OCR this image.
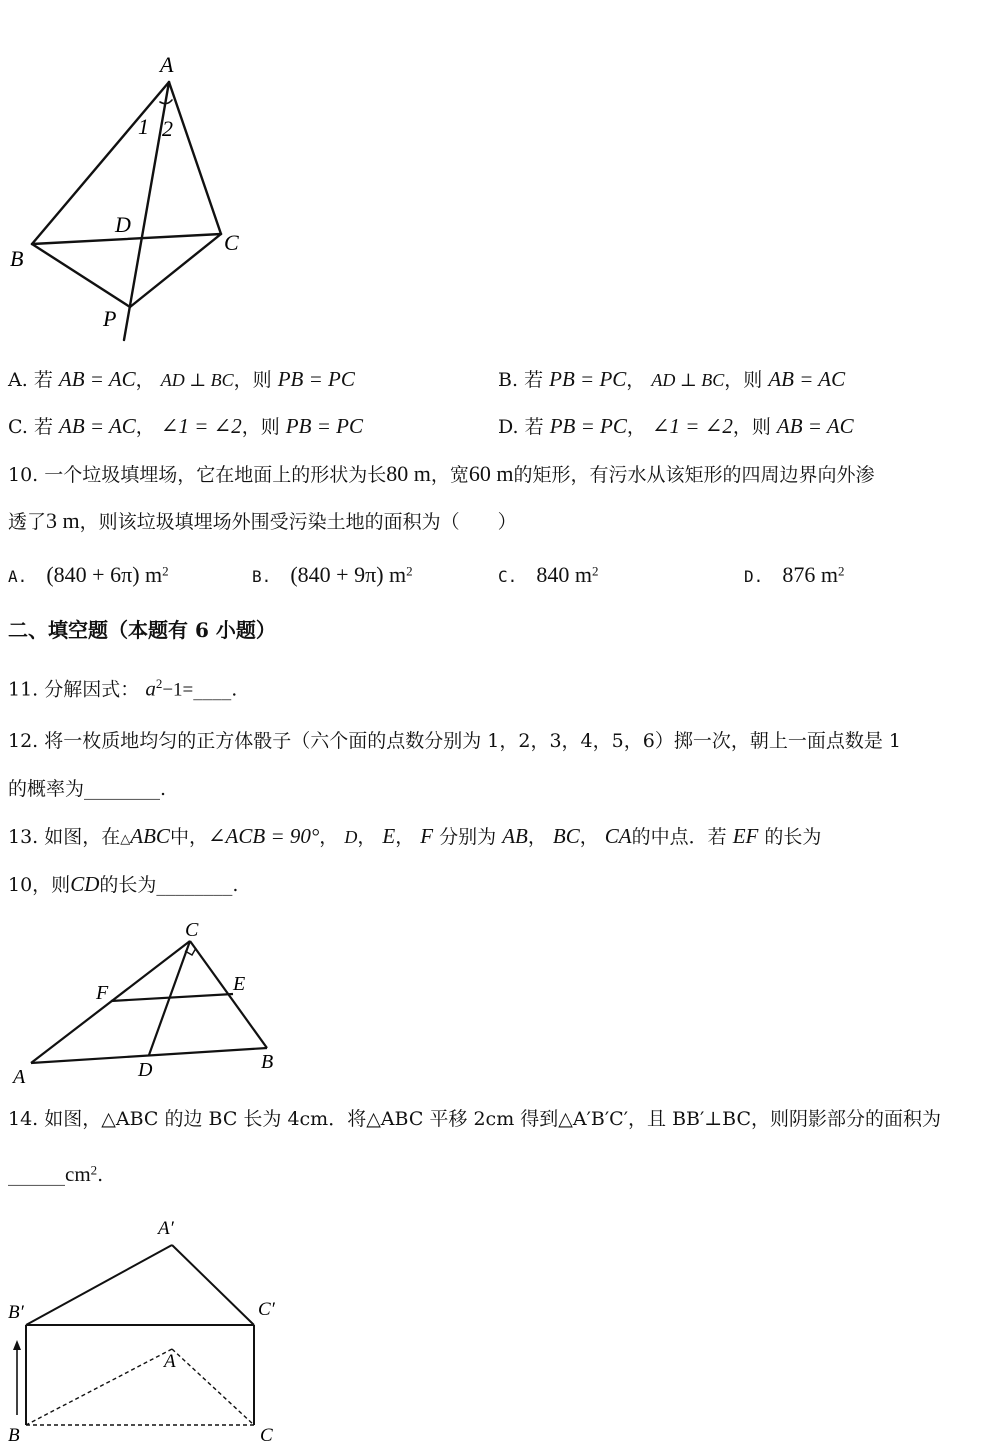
A
1 2
D
C
B
P
A. 若 AB = AC， AD ⊥ BC，则 PB = PC	B. 若 PB = PC， AD ⊥ BC，则 AB = AC
C. 若 AB = AC， ∠1 = ∠2，则 PB = PC	D. 若 PB = PC， ∠1 = ∠2，则 AB = AC
10. 一个垃圾填埋场，它在地面上的形状为长80 m，宽60 m的矩形，有污水从该矩形的四周边界向外渗
透了3 m，则该垃圾填埋场外围受污染土地的面积为（　　）
A. (840 + 6π) $m^2$	B. (840 + 9π) $m^2$	C. 840 $m^2$	D. 876 $m^2$
二、填空题（本题有 6 小题）
11. 分解因式： $a^2-1=\_\_\_\_$.
12. 将一枚质地均匀的正方体骰子（六个面的点数分别为 1，2，3，4，5，6）掷一次，朝上一面点数是 1
的概率为________.
13. 如图，在△ABC中，∠ACB = 90°， D， E， F 分别为 AB， BC， CA的中点．若 EF 的长为
10，则CD的长为________.
C
F	E
A	D	B
14. 如图，△ABC 的边 BC 长为 4cm．将△ABC 平移 2cm 得到△A′B′C′，且 BB′⊥BC，则阴影部分的面积为
$\_\_\_\_\_\_cm^2$.
A′
B′	C′
A
B	C
